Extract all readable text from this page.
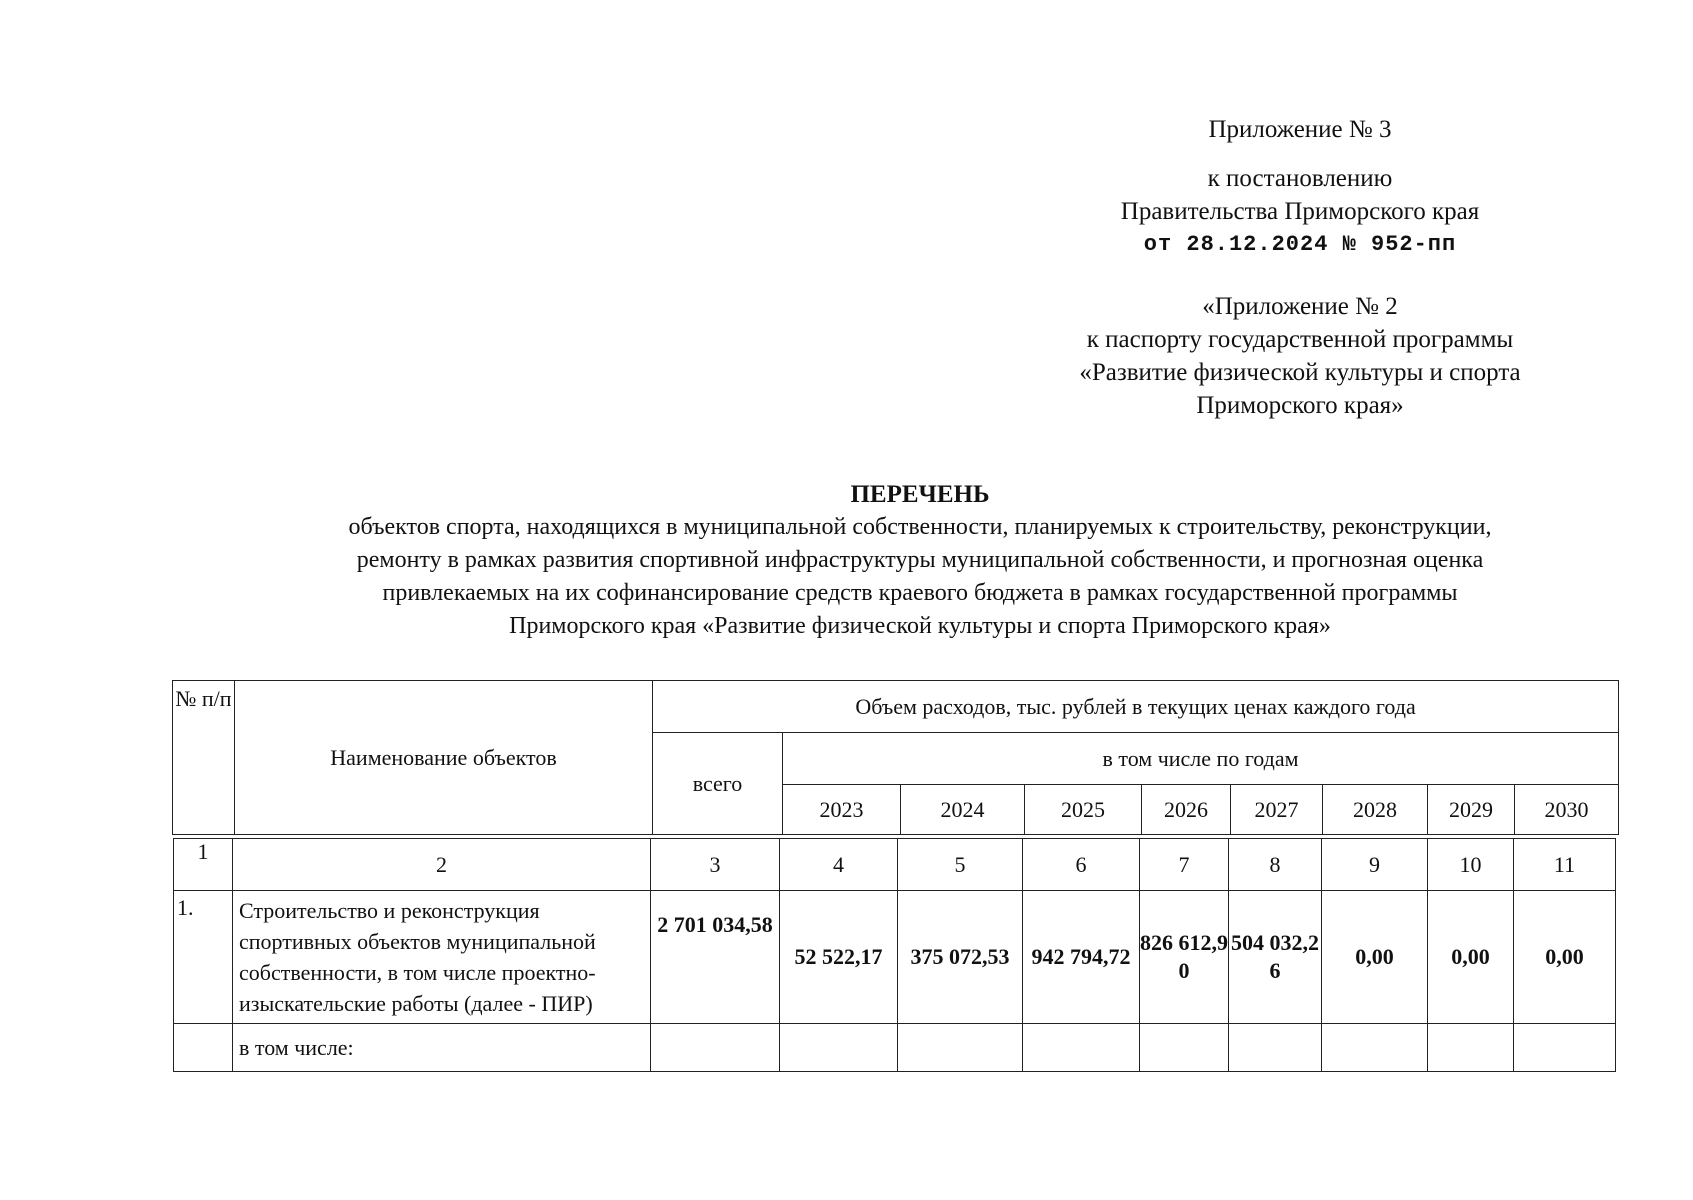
Приложение № 3
к постановлению
Правительства Приморского края
от 28.12.2024 № 952-пп
«Приложение № 2
к паспорту государственной программы
«Развитие физической культуры и спорта
Приморского края»
ПЕРЕЧЕНЬ
объектов спорта, находящихся в муниципальной собственности, планируемых к строительству, реконструкции,
ремонту в рамках развития спортивной инфраструктуры муниципальной собственности, и прогнозная оценка
привлекаемых на их софинансирование средств краевого бюджета в рамках государственной программы
Приморского края «Развитие физической культуры и спорта Приморского края»
№ п/п	Наименование объектов	Объем расходов, тыс. рублей в текущих ценах каждого года								
		всего	в том числе по годам							
			2023	2024	2025	2026	2027	2028	2029	2030
1	2	3	4	5	6	7	8	9	10	11
1.	Строительство и реконструкция спортивных объектов муниципальной собственности, в том числе проектно-изыскательские работы (далее - ПИР)	2 701 034,58	52 522,17	375 072,53	942 794,72	826 612,90	504 032,26	0,00	0,00	0,00
	в том числе:									
